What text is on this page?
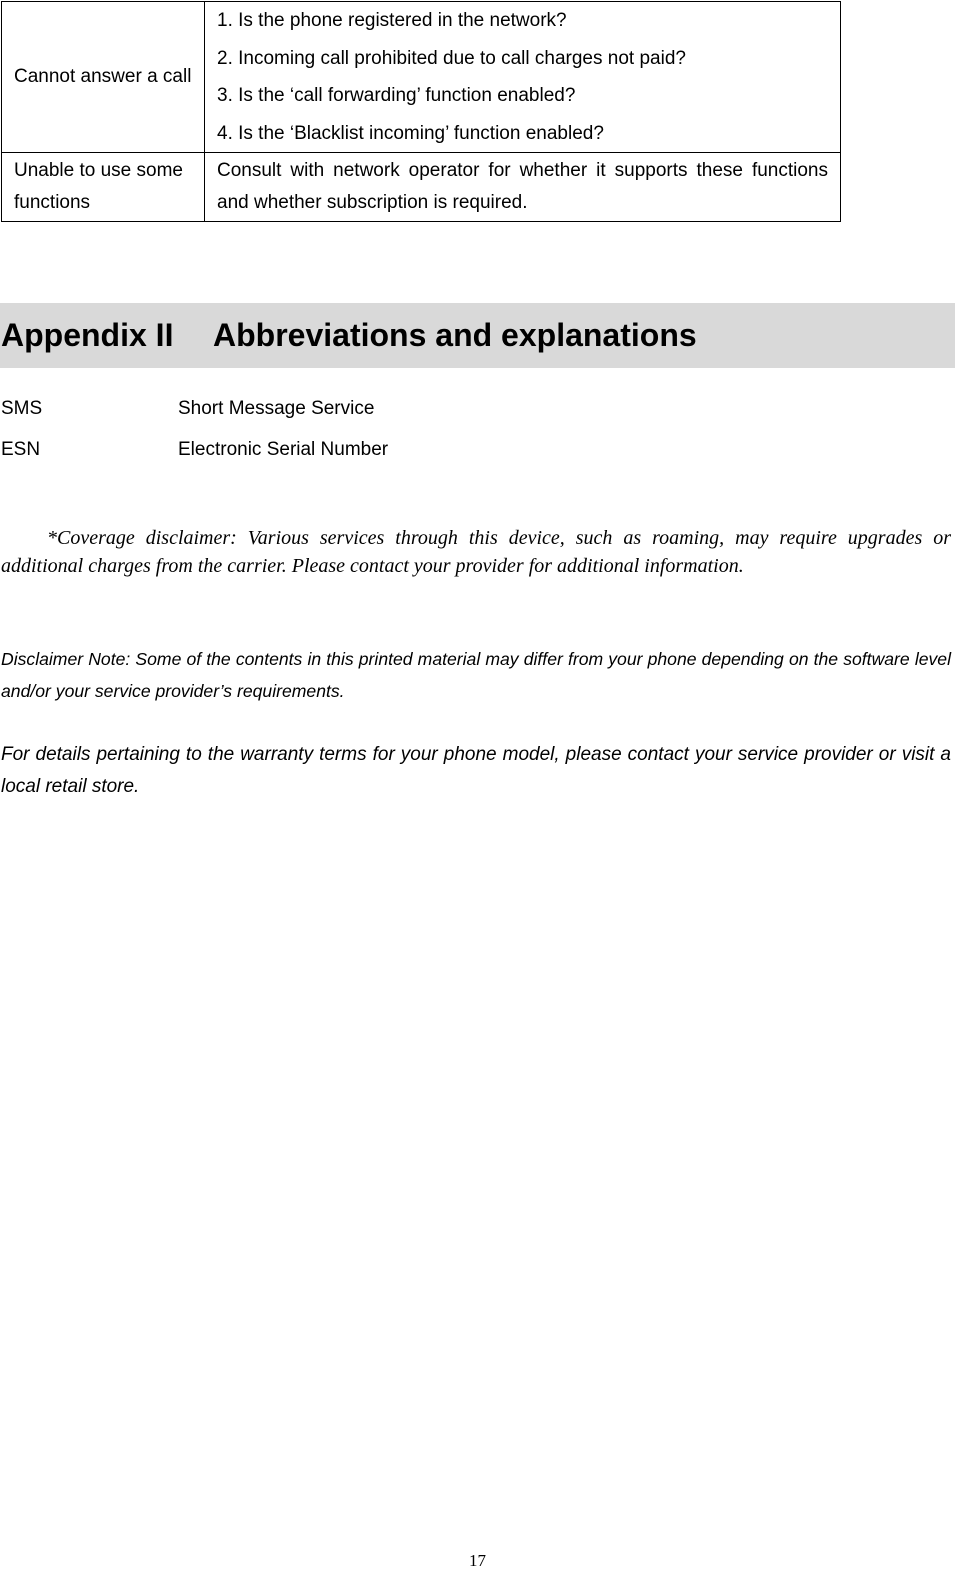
Cannot answer a call	1. Is the phone registered in the network?
2. Incoming call prohibited due to call charges not paid?
3. Is the ‘call forwarding’ function enabled?
4. Is the ‘Blacklist incoming’ function enabled?

Unable to use some functions	Consult with network operator for whether it supports these functions and whether subscription is required.
Appendix II Abbreviations and explanations
SMS	Short Message Service
ESN	Electronic Serial Number

*Coverage disclaimer: Various services through this device, such as roaming, may require upgrades or additional charges from the carrier. Please contact your provider for additional information.

Disclaimer Note: Some of the contents in this printed material may differ from your phone depending on the software level and/or your service provider’s requirements.

For details pertaining to the warranty terms for your phone model, please contact your service provider or visit a local retail store.

17
